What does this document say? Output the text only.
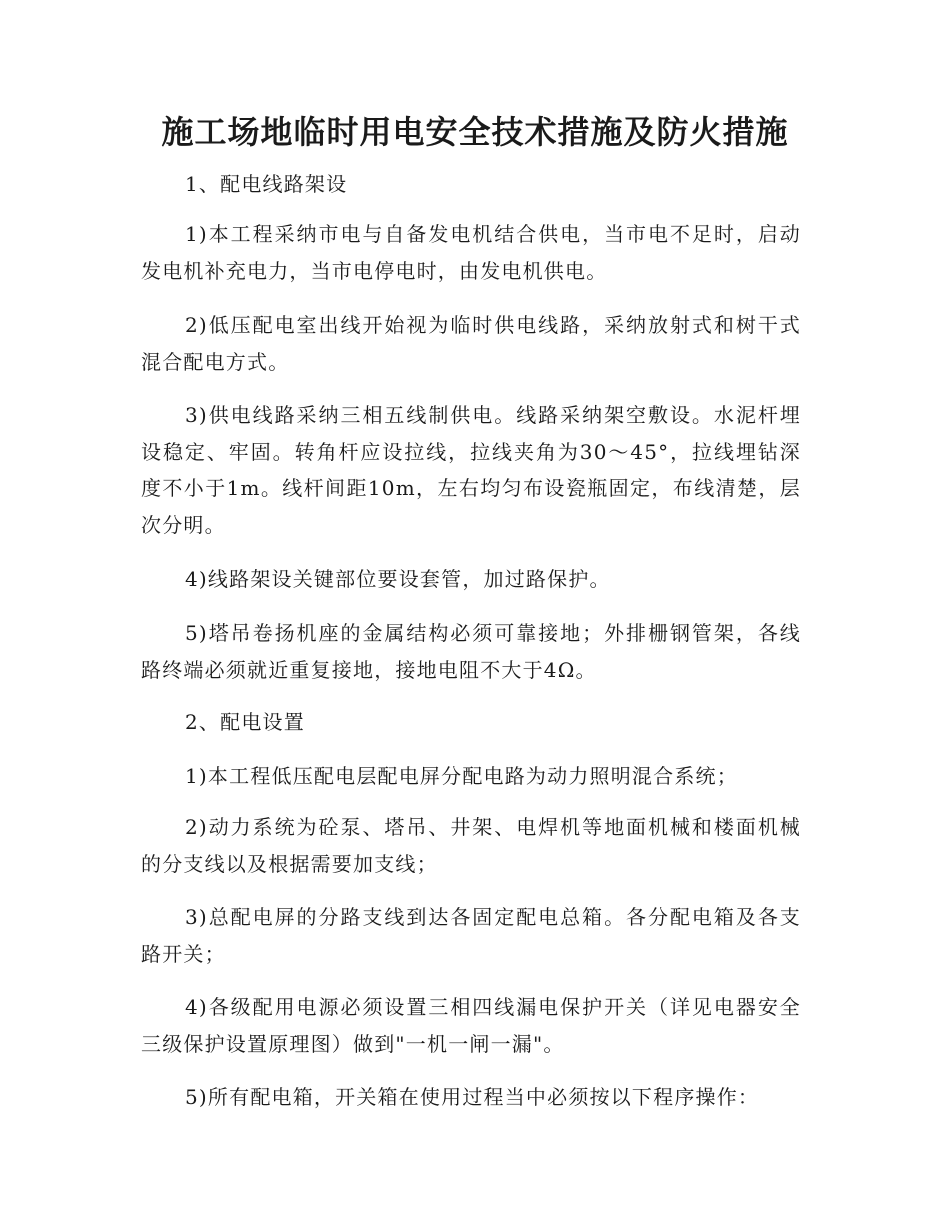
施工场地临时用电安全技术措施及防火措施

1、配电线路架设

1)本工程采纳市电与自备发电机结合供电，当市电不足时，启动发电机补充电力，当市电停电时，由发电机供电。

2)低压配电室出线开始视为临时供电线路，采纳放射式和树干式混合配电方式。

3)供电线路采纳三相五线制供电。线路采纳架空敷设。水泥杆埋设稳定、牢固。转角杆应设拉线，拉线夹角为30～45°，拉线埋钻深度不小于1m。线杆间距10m，左右均匀布设瓷瓶固定，布线清楚，层次分明。

4)线路架设关键部位要设套管，加过路保护。

5)塔吊卷扬机座的金属结构必须可靠接地；外排栅钢管架，各线路终端必须就近重复接地，接地电阻不大于4Ω。

2、配电设置

1)本工程低压配电层配电屏分配电路为动力照明混合系统；

2)动力系统为砼泵、塔吊、井架、电焊机等地面机械和楼面机械的分支线以及根据需要加支线；

3)总配电屏的分路支线到达各固定配电总箱。各分配电箱及各支路开关；

4)各级配用电源必须设置三相四线漏电保护开关（详见电器安全三级保护设置原理图）做到"一机一闸一漏"。

5)所有配电箱，开关箱在使用过程当中必须按以下程序操作：
